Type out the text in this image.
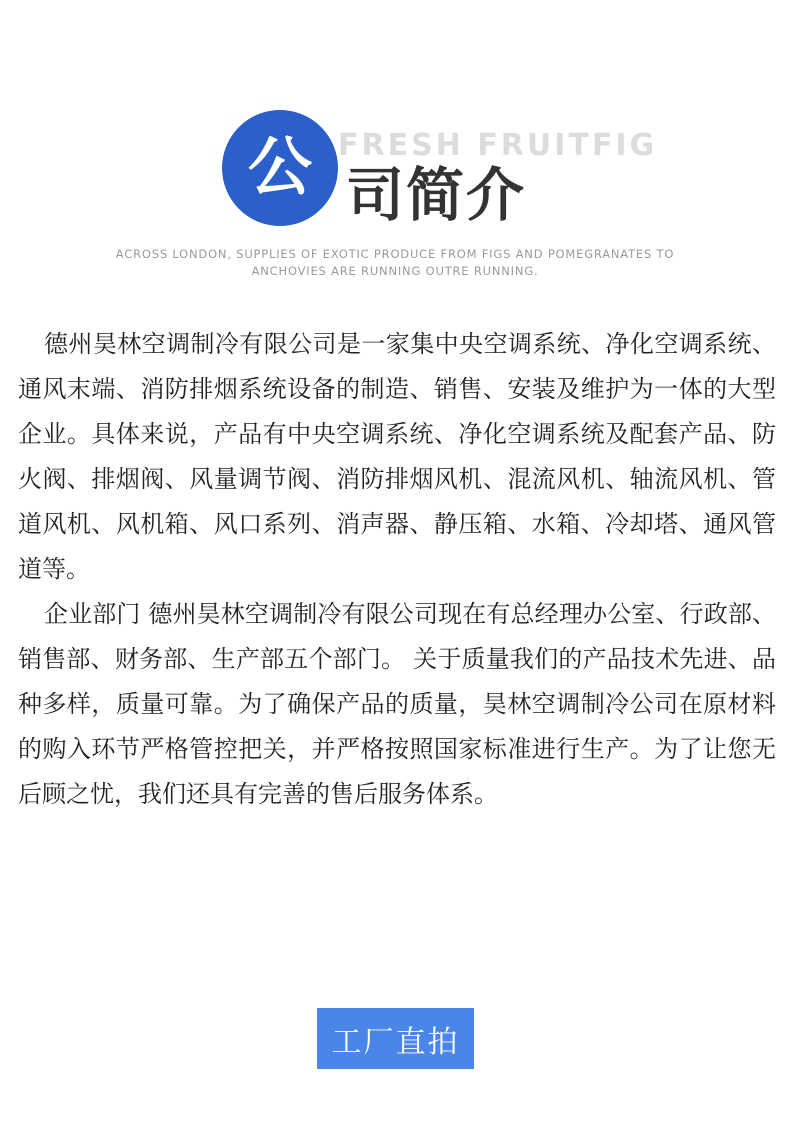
FRESH FRUITFIG
公 司简介
ACROSS LONDON, SUPPLIES OF EXOTIC PRODUCE FROM FIGS AND POMEGRANATES TO ANCHOVIES ARE RUNNING OUTRE RUNNING.

德州昊林空调制冷有限公司是一家集中央空调系统、净化空调系统、通风末端、消防排烟系统设备的制造、销售、安装及维护为一体的大型企业。具体来说，产品有中央空调系统、净化空调系统及配套产品、防火阀、排烟阀、风量调节阀、消防排烟风机、混流风机、轴流风机、管道风机、风机箱、风口系列、消声器、静压箱、水箱、冷却塔、通风管道等。

企业部门 德州昊林空调制冷有限公司现在有总经理办公室、行政部、销售部、财务部、生产部五个部门。 关于质量我们的产品技术先进、品种多样，质量可靠。为了确保产品的质量，昊林空调制冷公司在原材料的购入环节严格管控把关，并严格按照国家标准进行生产。为了让您无后顾之忧，我们还具有完善的售后服务体系。

工厂直拍
